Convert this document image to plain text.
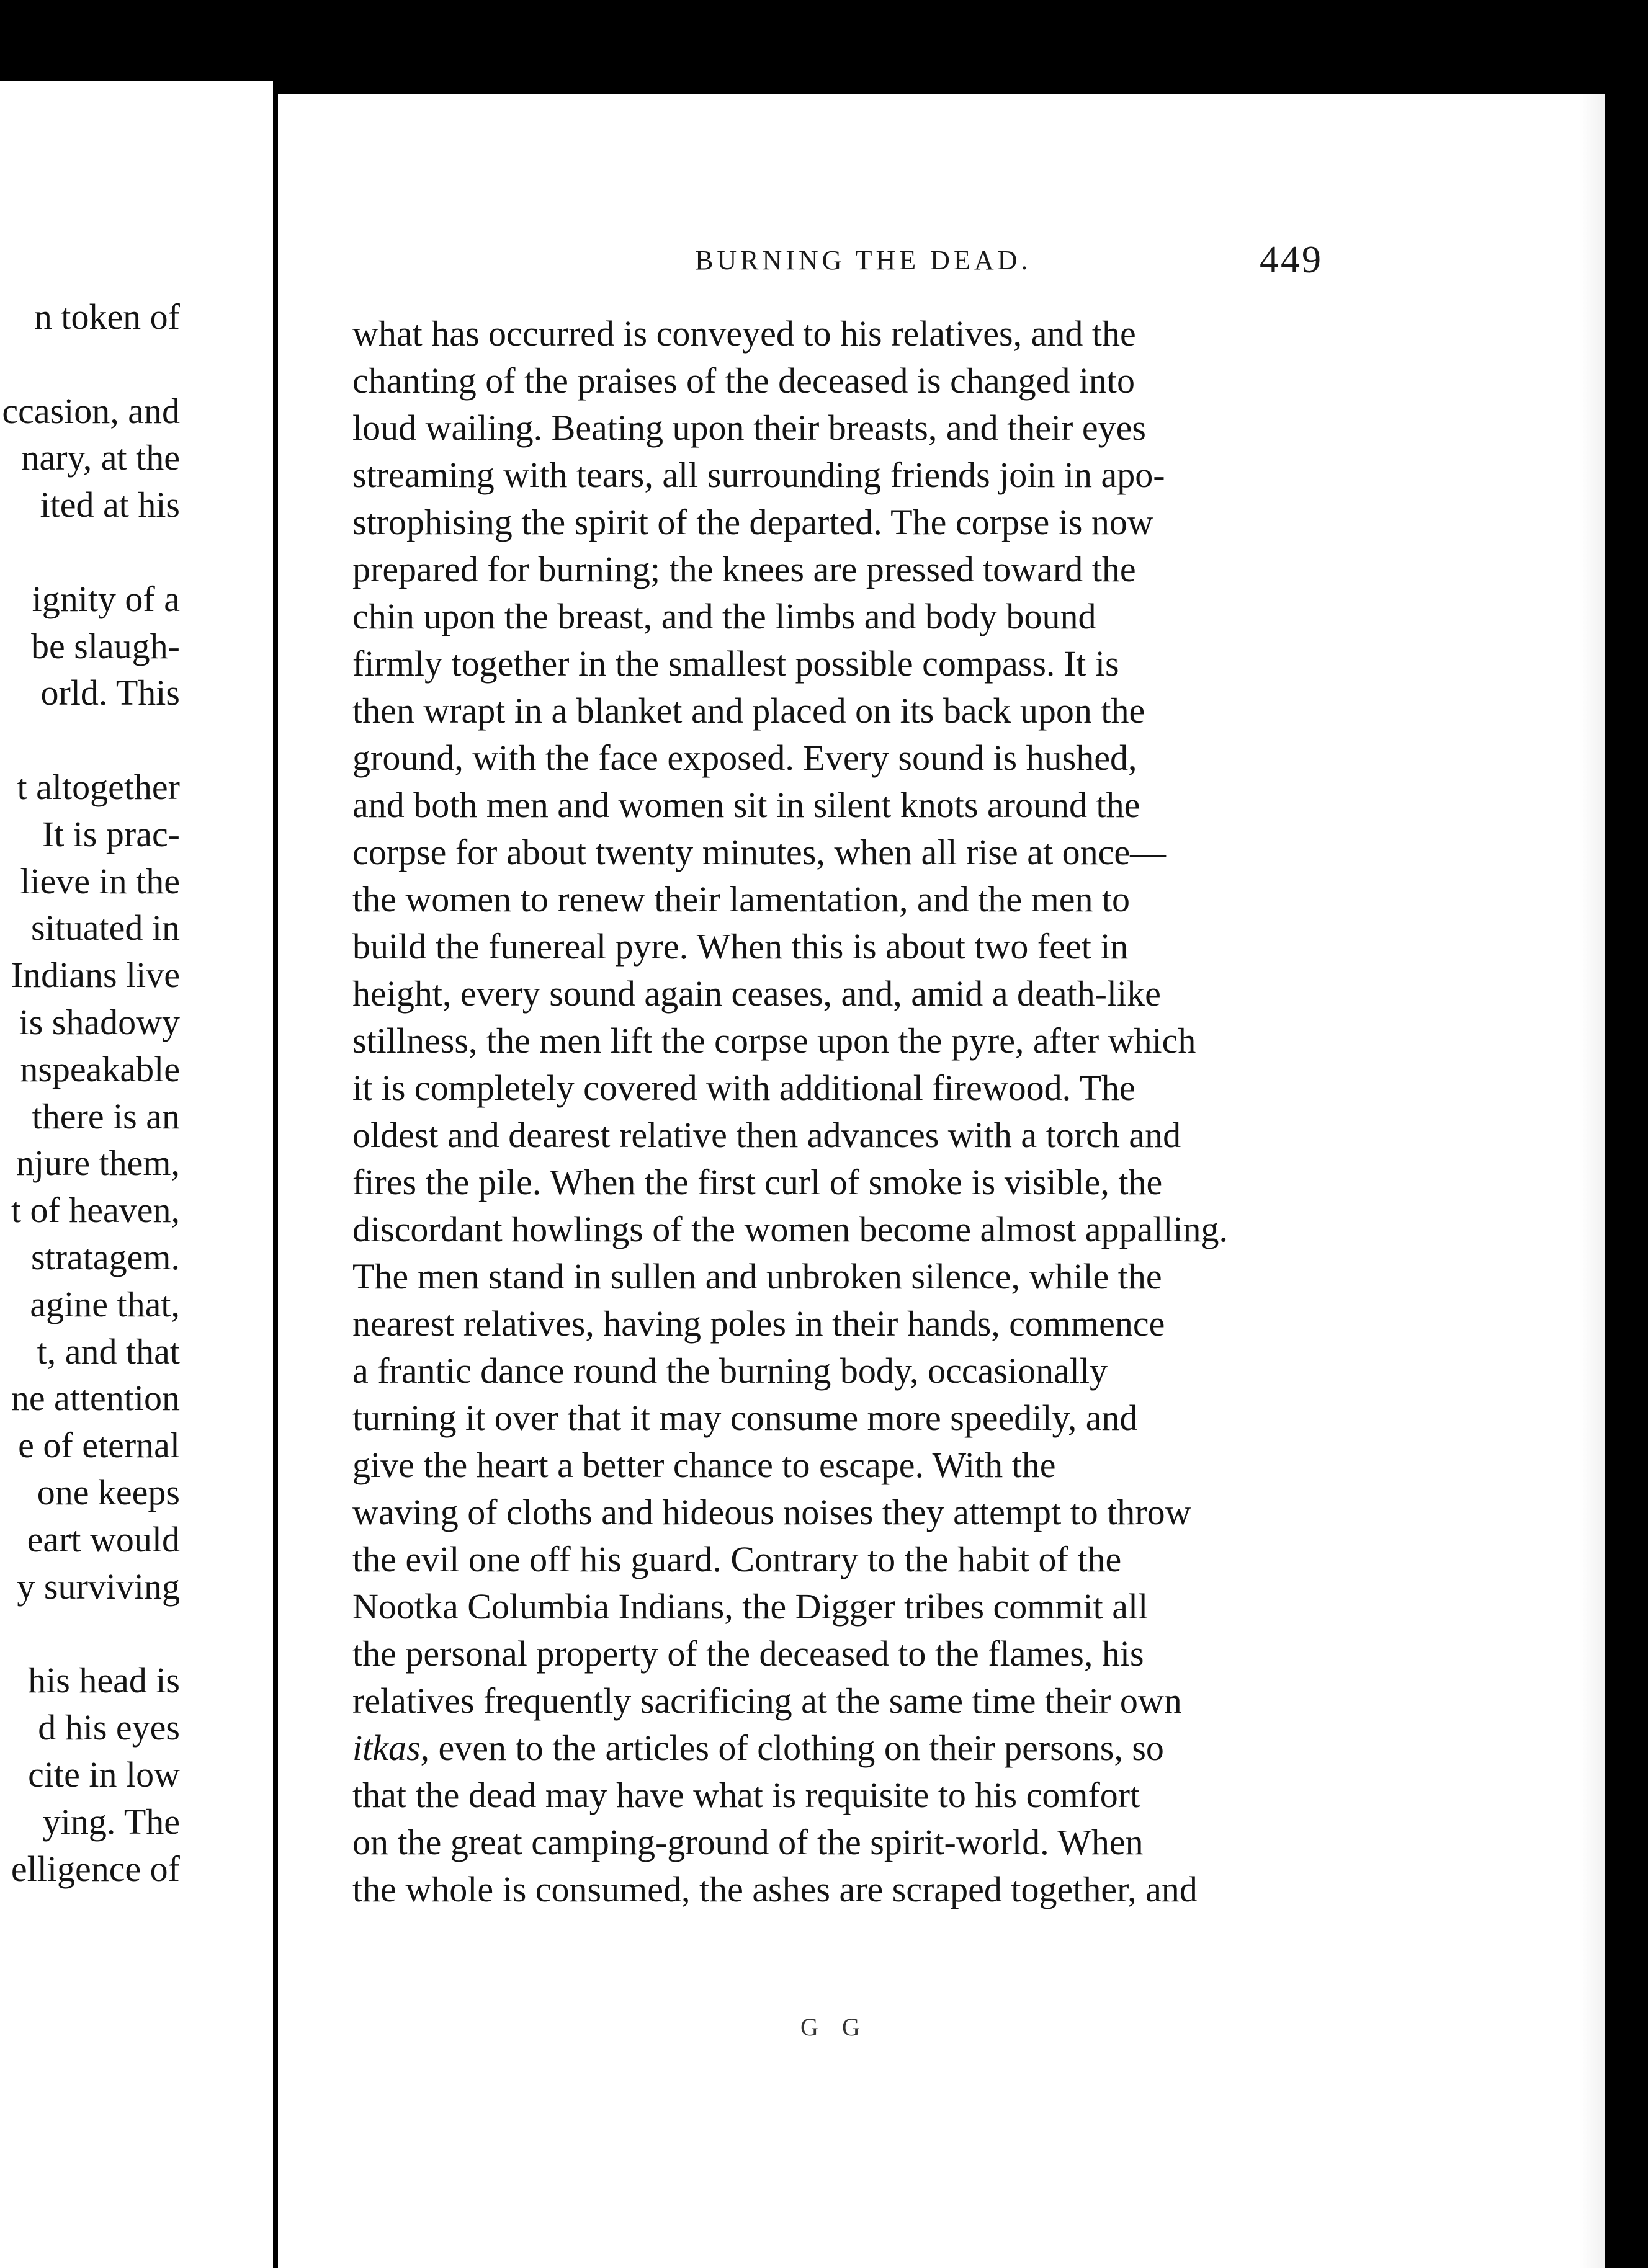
n token of

ccasion, and

nary, at the

ited at his

ignity of a

be slaugh-

orld. This

t altogether

It is prac-

lieve in the

situated in

Indians live

is shadowy

nspeakable

there is an

njure them,

t of heaven,

stratagem.

agine that,

t, and that

ne attention

e of eternal

one keeps

eart would

y surviving

his head is

d his eyes

cite in low

ying. The

elligence of

BURNING THE DEAD.	449

what has occurred is conveyed to his relatives, and the

chanting of the praises of the deceased is changed into

loud wailing. Beating upon their breasts, and their eyes

streaming with tears, all surrounding friends join in apo-

strophising the spirit of the departed. The corpse is now

prepared for burning; the knees are pressed toward the

chin upon the breast, and the limbs and body bound

firmly together in the smallest possible compass. It is

then wrapt in a blanket and placed on its back upon the

ground, with the face exposed. Every sound is hushed,

and both men and women sit in silent knots around the

corpse for about twenty minutes, when all rise at once—

the women to renew their lamentation, and the men to

build the funereal pyre. When this is about two feet in

height, every sound again ceases, and, amid a death-like

stillness, the men lift the corpse upon the pyre, after which

it is completely covered with additional firewood. The

oldest and dearest relative then advances with a torch and

fires the pile. When the first curl of smoke is visible, the

discordant howlings of the women become almost appalling.

The men stand in sullen and unbroken silence, while the

nearest relatives, having poles in their hands, commence

a frantic dance round the burning body, occasionally

turning it over that it may consume more speedily, and

give the heart a better chance to escape. With the

waving of cloths and hideous noises they attempt to throw

the evil one off his guard. Contrary to the habit of the

Nootka Columbia Indians, the Digger tribes commit all

the personal property of the deceased to the flames, his

relatives frequently sacrificing at the same time their own

itkas, even to the articles of clothing on their persons, so

that the dead may have what is requisite to his comfort

on the great camping-ground of the spirit-world. When

the whole is consumed, the ashes are scraped together, and

G G
